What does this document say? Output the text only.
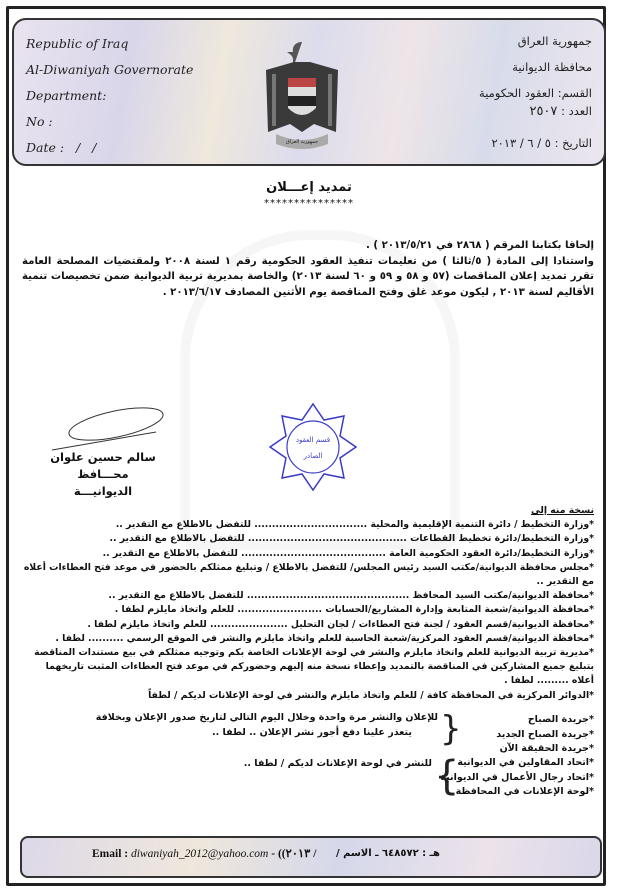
Republic of Iraq
Al-Diwaniyah Governorate
Department:
No :
Date :   /   /
جمهورية العراق
محافظة الديوانية
القسم: العقود الحكومية
العدد : ٢٥٠٧
التاريخ : ٥ / ٦ / ٢٠١٣
جمهورية العراق
تمديد إعـــلان
***************
إلحاقا بكتابنا المرقم ( ٢٨٦٨ في ٢٠١٣/٥/٢١ ) .
واستنادا إلى المادة ( ٥/ثالثا ) من تعليمات تنفيذ العقود الحكومية رقم ١ لسنة ٢٠٠٨ ولمقتضيات المصلحة العامة تقرر تمديد إعلان المناقصات (٥٧ و ٥٨ و ٥٩ و ٦٠ لسنة ٢٠١٣) والخاصة بمديرية تربية الديوانية ضمن تخصيصات تنمية الأقاليم لسنة ٢٠١٣ , ليكون موعد غلق وفتح المناقصة يوم الأثنين المصادف ٢٠١٣/٦/١٧ .
سالم حسين علوان
محـــافظ الديوانيـــة
قسم العقود
الصادر
نسخة منه إلى
*وزارة التخطيط / دائرة التنمية الإقليمية والمحلية ................................ للتفضل بالاطلاع مع التقدير ..
*وزارة التخطيط/دائرة تخطيط القطاعات ............................................. للتفضل بالاطلاع مع التقدير ..
*وزارة التخطيط/دائرة العقود الحكومية العامة ......................................... للتفضل بالاطلاع مع التقدير ..
*مجلس محافظة الديوانية/مكتب السيد رئيس المجلس/ للتفضل بالاطلاع / وتبليغ ممثلكم بالحضور في موعد فتح العطاءات أعلاه مع التقدير ..
*محافظة الديوانية/مكتب السيد المحافظ .............................................. للتفضل بالاطلاع مع التقدير ..
*محافظة الديوانية/شعبة المتابعة وإدارة المشاريع/الحسابات ........................ للعلم واتخاذ مايلزم لطفا .
*محافظة الديوانية/قسم العقود / لجنة فتح العطاءات / لجان التحليل ...................... للعلم واتخاذ مايلزم لطفا .
*محافظة الديوانية/قسم العقود المركزية/شعبة الحاسبة للعلم واتخاذ مايلزم والنشر في الموقع الرسمي .......... لطفا .
*مديرية تربية الديوانية للعلم واتخاذ مايلزم والنشر في لوحة الإعلانات الخاصة بكم وتوجيه ممثلكم في بيع مستندات المناقصة بتبليغ جميع المشاركين في المناقصة بالتمديد وإعطاء نسخة منه إليهم وحضوركم في موعد فتح العطاءات المثبت تاريخهما أعلاه ......... لطفا .
*الدوائر المركزية في المحافظة كافة / للعلم واتخاذ مايلزم والنشر في لوحة الإعلانات لديكم / لطفاً
*جريدة الصباح
*جريدة الصباح الجديد
*جريدة الحقيقة الآن
}
للإعلان والنشر مرة واحدة وخلال اليوم التالي لتاريخ صدور الإعلان وبخلافة
يتعذر علينا دفع أجور نشر الإعلان .. لطفا ..
*اتحاد المقاولين في الديوانية
*اتحاد رجال الأعمال في الديوانية
*لوحة الإعلانات في المحافظة
{
للنشر في لوحة الإعلانات لديكم / لطفا ..
Email : diwaniyah_2012@yahoo.com - ((٢٠١٣ / هـ : ٦٤٨٥٧٢ ـ الاسم /
